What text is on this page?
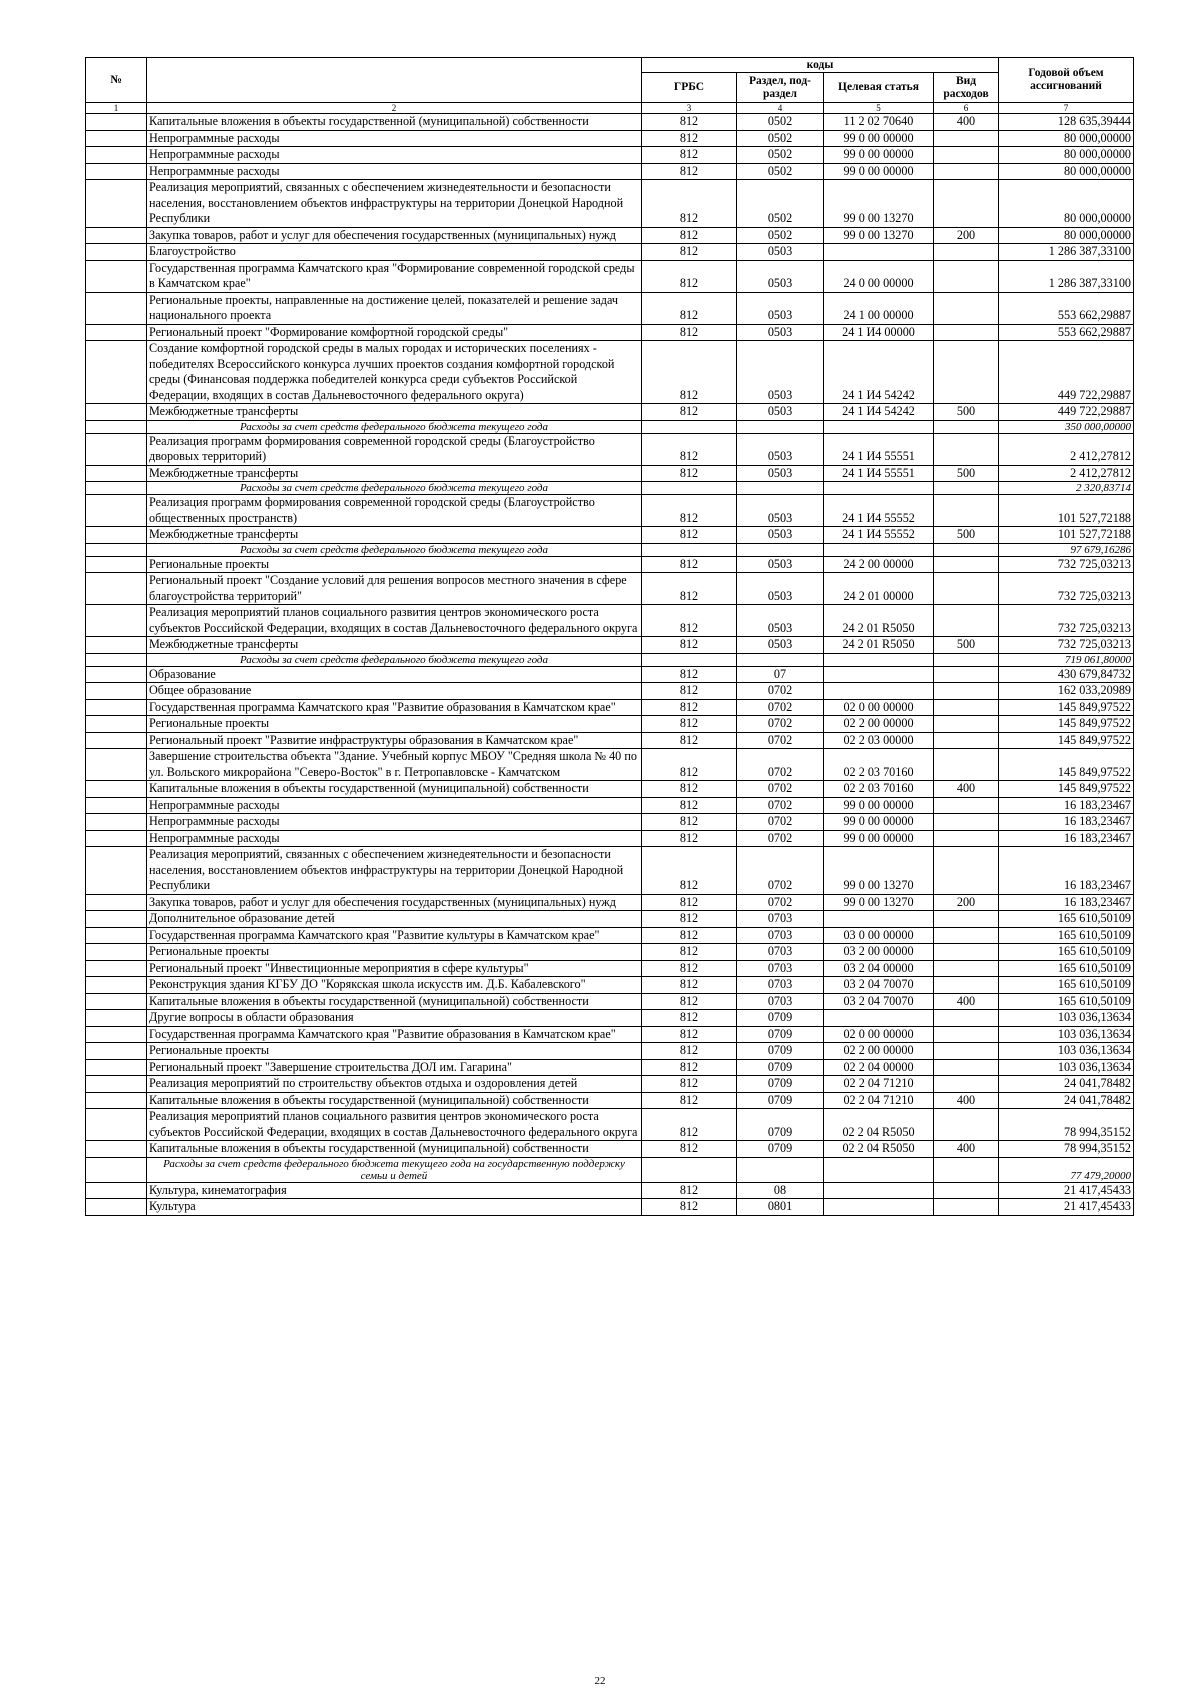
№		коды				Годовой объем ассигнований
		ГРБС	Раздел, под-раздел	Целевая статья	Вид расходов	
1	2	3	4	5	6	7
	Капитальные вложения в объекты государственной (муниципальной) собственности	812	0502	11 2 02 70640	400	128 635,39444
	Непрограммные расходы	812	0502	99 0 00 00000		80 000,00000
	Непрограммные расходы	812	0502	99 0 00 00000		80 000,00000
	Непрограммные расходы	812	0502	99 0 00 00000		80 000,00000
	Реализация мероприятий, связанных с обеспечением жизнедеятельности и безопасности населения, восстановлением объектов инфраструктуры на территории Донецкой Народной Республики	812	0502	99 0 00 13270		80 000,00000
	Закупка товаров, работ и услуг для обеспечения государственных (муниципальных) нужд	812	0502	99 0 00 13270	200	80 000,00000
	Благоустройство	812	0503			1 286 387,33100
	Государственная программа Камчатского края "Формирование современной городской среды в Камчатском крае"	812	0503	24 0 00 00000		1 286 387,33100
	Региональные проекты, направленные на достижение целей, показателей и решение задач национального проекта	812	0503	24 1 00 00000		553 662,29887
	Региональный проект "Формирование комфортной городской среды"	812	0503	24 1 И4 00000		553 662,29887
	Создание комфортной городской среды в малых городах и исторических поселениях - победителях Всероссийского конкурса лучших проектов создания комфортной городской среды (Финансовая поддержка победителей конкурса среди субъектов Российской Федерации, входящих в состав Дальневосточного федерального округа)	812	0503	24 1 И4 54242		449 722,29887
	Межбюджетные трансферты	812	0503	24 1 И4 54242	500	449 722,29887
	Расходы за счет средств федерального бюджета текущего года					350 000,00000
	Реализация программ формирования современной городской среды (Благоустройство дворовых территорий)	812	0503	24 1 И4 55551		2 412,27812
	Межбюджетные трансферты	812	0503	24 1 И4 55551	500	2 412,27812
	Расходы за счет средств федерального бюджета текущего года					2 320,83714
	Реализация программ формирования современной городской среды (Благоустройство общественных пространств)	812	0503	24 1 И4 55552		101 527,72188
	Межбюджетные трансферты	812	0503	24 1 И4 55552	500	101 527,72188
	Расходы за счет средств федерального бюджета текущего года					97 679,16286
	Региональные проекты	812	0503	24 2 00 00000		732 725,03213
	Региональный проект "Создание условий для решения вопросов местного значения в сфере благоустройства территорий"	812	0503	24 2 01 00000		732 725,03213
	Реализация мероприятий планов социального развития центров экономического роста субъектов Российской Федерации, входящих в состав Дальневосточного федерального округа	812	0503	24 2 01 R5050		732 725,03213
	Межбюджетные трансферты	812	0503	24 2 01 R5050	500	732 725,03213
	Расходы за счет средств федерального бюджета текущего года					719 061,80000
	Образование	812	07			430 679,84732
	Общее образование	812	0702			162 033,20989
	Государственная программа Камчатского края "Развитие образования в Камчатском крае"	812	0702	02 0 00 00000		145 849,97522
	Региональные проекты	812	0702	02 2 00 00000		145 849,97522
	Региональный проект "Развитие инфраструктуры образования в Камчатском крае"	812	0702	02 2 03 00000		145 849,97522
	Завершение строительства объекта "Здание. Учебный корпус МБОУ "Средняя школа № 40 по ул. Вольского микрорайона "Северо-Восток" в г. Петропавловске - Камчатском	812	0702	02 2 03 70160		145 849,97522
	Капитальные вложения в объекты государственной (муниципальной) собственности	812	0702	02 2 03 70160	400	145 849,97522
	Непрограммные расходы	812	0702	99 0 00 00000		16 183,23467
	Непрограммные расходы	812	0702	99 0 00 00000		16 183,23467
	Непрограммные расходы	812	0702	99 0 00 00000		16 183,23467
	Реализация мероприятий, связанных с обеспечением жизнедеятельности и безопасности населения, восстановлением объектов инфраструктуры на территории Донецкой Народной Республики	812	0702	99 0 00 13270		16 183,23467
	Закупка товаров, работ и услуг для обеспечения государственных (муниципальных) нужд	812	0702	99 0 00 13270	200	16 183,23467
	Дополнительное образование детей	812	0703			165 610,50109
	Государственная программа Камчатского края "Развитие культуры в Камчатском крае"	812	0703	03 0 00 00000		165 610,50109
	Региональные проекты	812	0703	03 2 00 00000		165 610,50109
	Региональный проект "Инвестиционные мероприятия в сфере культуры"	812	0703	03 2 04 00000		165 610,50109
	Реконструкция здания КГБУ ДО "Корякская школа искусств им. Д.Б. Кабалевского"	812	0703	03 2 04 70070		165 610,50109
	Капитальные вложения в объекты государственной (муниципальной) собственности	812	0703	03 2 04 70070	400	165 610,50109
	Другие вопросы в области образования	812	0709			103 036,13634
	Государственная программа Камчатского края "Развитие образования в Камчатском крае"	812	0709	02 0 00 00000		103 036,13634
	Региональные проекты	812	0709	02 2 00 00000		103 036,13634
	Региональный проект "Завершение строительства ДОЛ им. Гагарина"	812	0709	02 2 04 00000		103 036,13634
	Реализация мероприятий по строительству объектов отдыха и оздоровления детей	812	0709	02 2 04 71210		24 041,78482
	Капитальные вложения в объекты государственной (муниципальной) собственности	812	0709	02 2 04 71210	400	24 041,78482
	Реализация мероприятий планов социального развития центров экономического роста субъектов Российской Федерации, входящих в состав Дальневосточного федерального округа	812	0709	02 2 04 R5050		78 994,35152
	Капитальные вложения в объекты государственной (муниципальной) собственности	812	0709	02 2 04 R5050	400	78 994,35152
	Расходы за счет средств федерального бюджета текущего года на государственную поддержку семьи и детей					77 479,20000
	Культура, кинематография	812	08			21 417,45433
	Культура	812	0801			21 417,45433
22
